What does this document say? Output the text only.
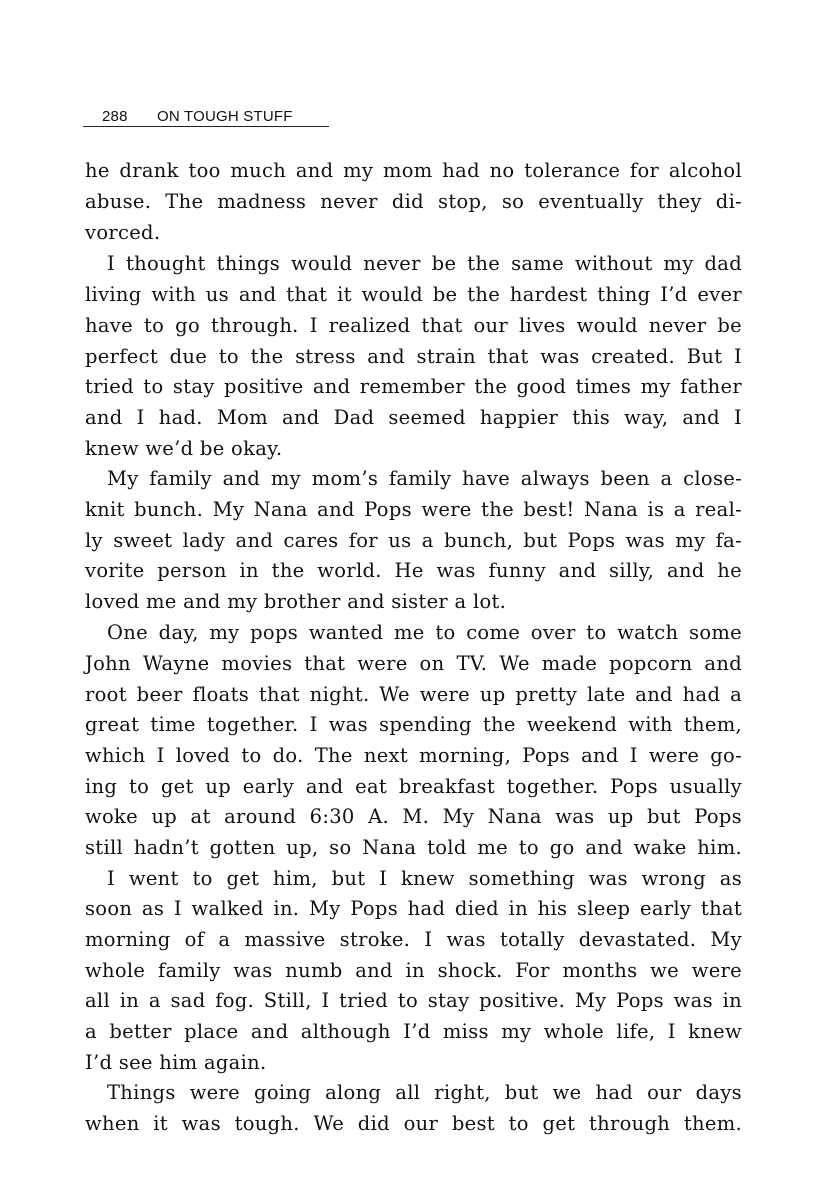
288 ON TOUGH STUFF
he drank too much and my mom had no tolerance for alcohol
abuse. The madness never did stop, so eventually they di-
vorced.
I thought things would never be the same without my dad
living with us and that it would be the hardest thing I’d ever
have to go through. I realized that our lives would never be
perfect due to the stress and strain that was created. But I
tried to stay positive and remember the good times my father
and I had. Mom and Dad seemed happier this way, and I
knew we’d be okay.
My family and my mom’s family have always been a close-
knit bunch. My Nana and Pops were the best! Nana is a real-
ly sweet lady and cares for us a bunch, but Pops was my fa-
vorite person in the world. He was funny and silly, and he
loved me and my brother and sister a lot.
One day, my pops wanted me to come over to watch some
John Wayne movies that were on TV. We made popcorn and
root beer floats that night. We were up pretty late and had a
great time together. I was spending the weekend with them,
which I loved to do. The next morning, Pops and I were go-
ing to get up early and eat breakfast together. Pops usually
woke up at around 6:30 A. M. My Nana was up but Pops
still hadn’t gotten up, so Nana told me to go and wake him.
I went to get him, but I knew something was wrong as
soon as I walked in. My Pops had died in his sleep early that
morning of a massive stroke. I was totally devastated. My
whole family was numb and in shock. For months we were
all in a sad fog. Still, I tried to stay positive. My Pops was in
a better place and although I’d miss my whole life, I knew
I’d see him again.
Things were going along all right, but we had our days
when it was tough. We did our best to get through them.
